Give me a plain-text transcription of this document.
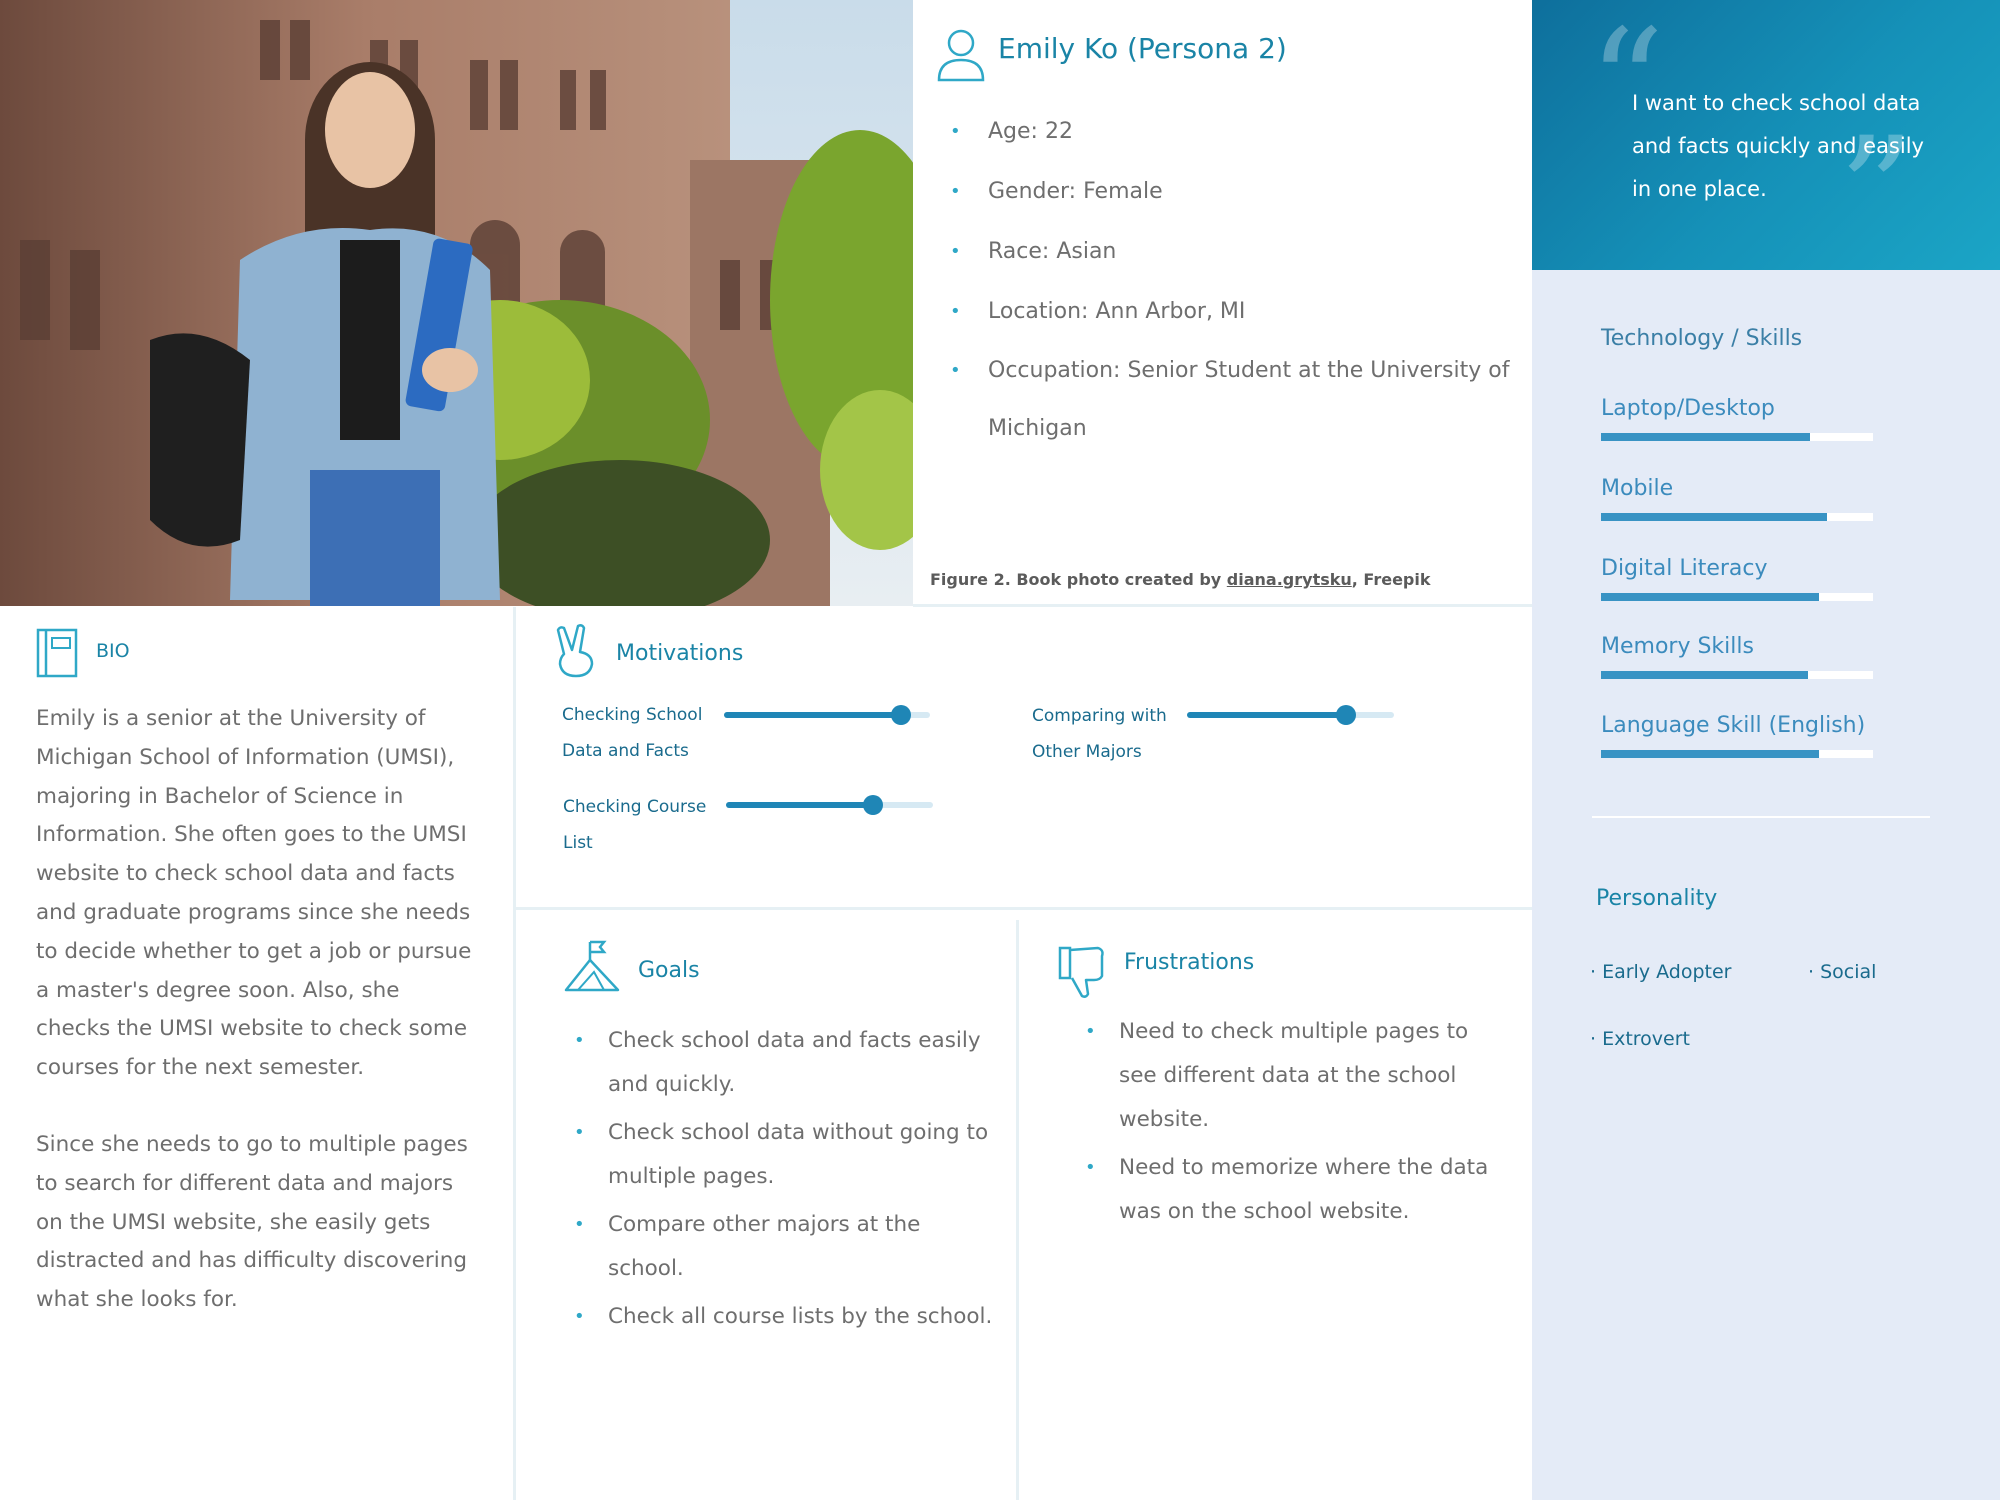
Emily Ko (Persona 2)
• Age: 22
• Gender: Female
• Race: Asian
• Location: Ann Arbor, MI
• Occupation: Senior Student at the University of Michigan
Figure 2. Book photo created by diana.grytsku, Freepik
“
”
I want to check school data and facts quickly and easily in one place.
Technology / Skills
Laptop/Desktop
Mobile
Digital Literacy
Memory Skills
Language Skill (English)
Personality
· Early Adopter	· Social
· Extrovert
BIO

Emily is a senior at the University of Michigan School of Information (UMSI), majoring in Bachelor of Science in Information. She often goes to the UMSI website to check school data and facts and graduate programs since she needs to decide whether to get a job or pursue a master's degree soon. Also, she checks the UMSI website to check some courses for the next semester.

Since she needs to go to multiple pages to search for different data and majors on the UMSI website, she easily gets distracted and has difficulty discovering what she looks for.

Motivations
Checking School Data and Facts
Comparing with Other Majors
Checking Course List
Goals
• Check school data and facts easily and quickly.
• Check school data without going to multiple pages.
• Compare other majors at the school.
• Check all course lists by the school.
Frustrations
• Need to check multiple pages to see different data at the school website.
• Need to memorize where the data was on the school website.
